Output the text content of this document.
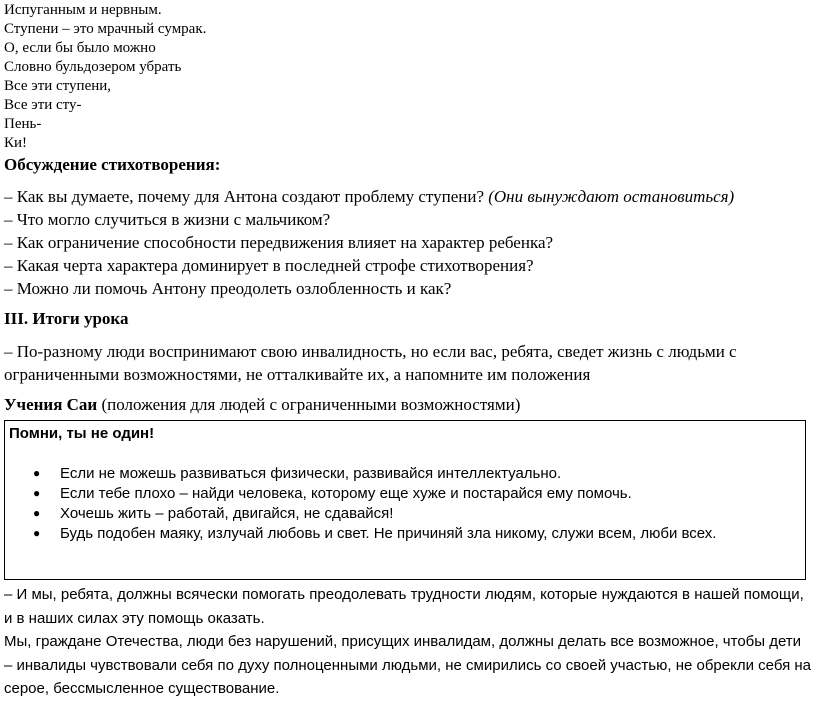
Испуганным и нервным.
Ступени – это мрачный сумрак.
О, если бы было можно
Словно бульдозером убрать
Все эти ступени,
Все эти сту-
Пень-
Ки!
Обсуждение стихотворения:
– Как вы думаете, почему для Антона создают проблему ступени? (Они вынуждают остановиться)
– Что могло случиться в жизни с мальчиком?
– Как ограничение способности передвижения влияет на характер ребенка?
– Какая черта характера доминирует в последней строфе стихотворения?
– Можно ли помочь Антону преодолеть озлобленность и как?
III. Итоги урока
– По-разному люди воспринимают свою инвалидность, но если вас, ребята, сведет жизнь с людьми с ограниченными возможностями, не отталкивайте их, а напомните им положения
Учения Саи (положения для людей с ограниченными возможностями)
Помни, ты не один!
● Если не можешь развиваться физически, развивайся интеллектуально.
● Если тебе плохо – найди человека, которому еще хуже и постарайся ему помочь.
● Хочешь жить – работай, двигайся, не сдавайся!
● Будь подобен маяку, излучай любовь и свет. Не причиняй зла никому, служи всем, люби всех.
– И мы, ребята, должны всячески помогать преодолевать трудности людям, которые нуждаются в нашей помощи, и в наших силах эту помощь оказать.
Мы, граждане Отечества, люди без нарушений, присущих инвалидам, должны делать все возможное, чтобы дети – инвалиды чувствовали себя по духу полноценными людьми, не смирились со своей участью, не обрекли себя на серое, бессмысленное существование.
